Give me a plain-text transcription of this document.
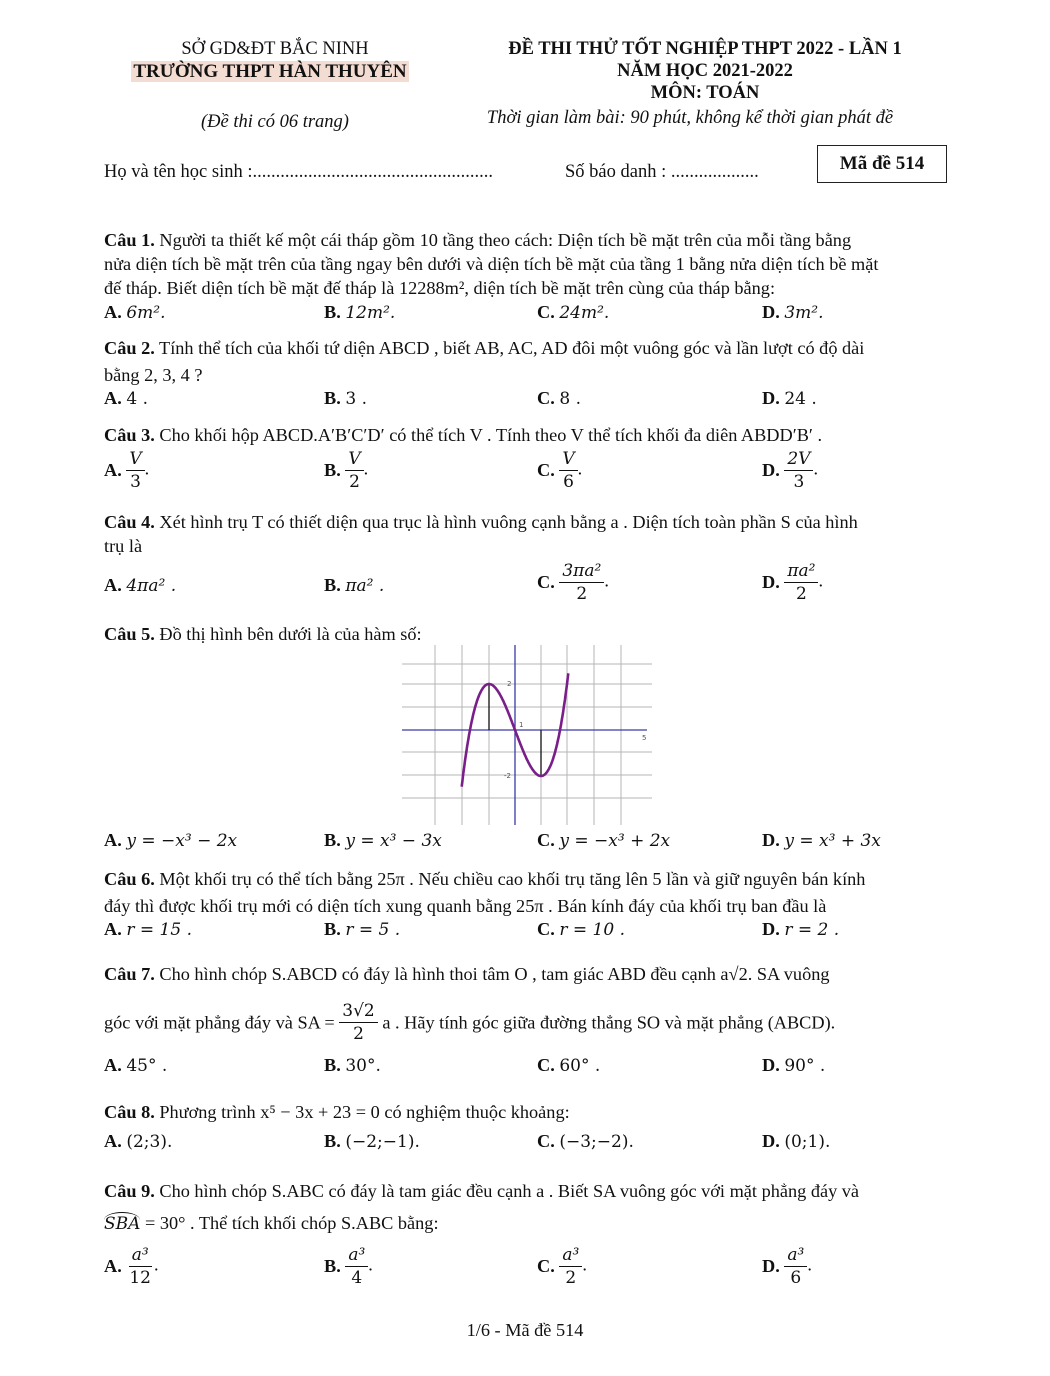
SỞ GD&ĐT BẮC NINH
TRƯỜNG THPT HÀN THUYÊN
(Đề thi có 06 trang)
ĐỀ THI THỬ TỐT NGHIỆP THPT 2022 - LẦN 1
NĂM HỌC 2021-2022
MÔN: TOÁN
Thời gian làm bài: 90 phút, không kể thời gian phát đề
Họ và tên học sinh :....................................................	Số báo danh : ...................	Mã đề 514
Câu 1. Người ta thiết kế một cái tháp gồm 10 tầng theo cách: Diện tích bề mặt trên của mỗi tầng bằng
nửa diện tích bề mặt trên của tầng ngay bên dưới và diện tích bề mặt của tầng 1 bằng nửa diện tích bề mặt
đế tháp. Biết diện tích bề mặt đế tháp là 12288m², diện tích bề mặt trên cùng của tháp bằng:
A. 6m².	B. 12m².	C. 24m².	D. 3m².
Câu 2. Tính thể tích của khối tứ diện ABCD , biết AB, AC, AD đôi một vuông góc và lần lượt có độ dài
bằng 2, 3, 4 ?
A. 4 .	B. 3 .	C. 8 .	D. 24 .
Câu 3. Cho khối hộp ABCD.A′B′C′D′ có thể tích V . Tính theo V thể tích khối đa diên ABDD′B′ .
A. $\frac{V}{3}$ .	B. $\frac{V}{2}$ .	C. $\frac{V}{6}$ .	D. $\frac{2V}{3}$ .
Câu 4. Xét hình trụ T có thiết diện qua trục là hình vuông cạnh bằng a . Diện tích toàn phần S của hình
trụ là
A. 4πa² .	B. πa² .	C. $\frac{\text{3πa²}}{2}$ .	D. $\frac{\text{πa²}}{2}$ .
Câu 5. Đồ thị hình bên dưới là của hàm số:
2
1
5
-2
A. y = −x³ − 2x	B. y = x³ − 3x	C. y = −x³ + 2x	D. y = x³ + 3x
Câu 6. Một khối trụ có thể tích bằng 25π . Nếu chiều cao khối trụ tăng lên 5 lần và giữ nguyên bán kính
đáy thì được khối trụ mới có diện tích xung quanh bằng 25π . Bán kính đáy của khối trụ ban đầu là
A. r = 15 .	B. r = 5 .	C. r = 10 .	D. r = 2 .
Câu 7. Cho hình chóp S.ABCD có đáy là hình thoi tâm O , tam giác ABD đều cạnh a√2. SA vuông
góc với mặt phẳng đáy và SA = $\frac{3√2}{2}$ a . Hãy tính góc giữa đường thẳng SO và mặt phẳng (ABCD).
A. 45° .	B. 30°.	C. 60° .	D. 90° .
Câu 8. Phương trình x⁵ − 3x + 23 = 0 có nghiệm thuộc khoảng:
A. (2;3).	B. (−2;−1).	C. (−3;−2).	D. (0;1).
Câu 9. Cho hình chóp S.ABC có đáy là tam giác đều cạnh a . Biết SA vuông góc với mặt phẳng đáy và
SBA = 30° . Thể tích khối chóp S.ABC bằng:
A. $\frac{\text{a³}}{12}$ .	B. $\frac{\text{a³}}{4}$ .	C. $\frac{\text{a³}}{2}$ .	D. $\frac{\text{a³}}{6}$ .
1/6 - Mã đề 514
